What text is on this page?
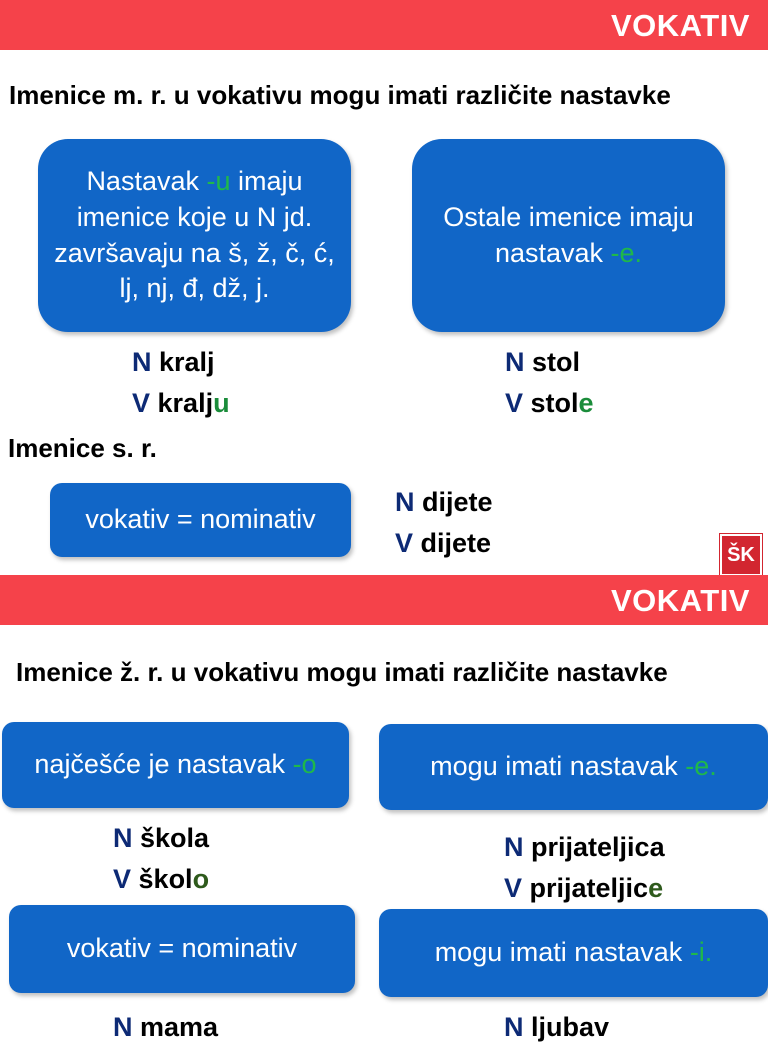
VOKATIV
Imenice m. r. u vokativu mogu imati različite nastavke
Nastavak -u imaju imenice koje u N jd. završavaju na š, ž, č, ć, lj, nj, đ, dž, j.
Ostale imenice imaju nastavak -e.
N kralj
V kralju
N stol
V stole
Imenice s. r.
vokativ = nominativ
N dijete
V dijete	ŠK
VOKATIV
Imenice ž. r. u vokativu mogu imati različite nastavke
najčešće je nastavak -o	mogu imati nastavak -e.
N škola
V školo
N prijateljica
V prijateljice
vokativ = nominativ	mogu imati nastavak -i.
N mama	N ljubav
